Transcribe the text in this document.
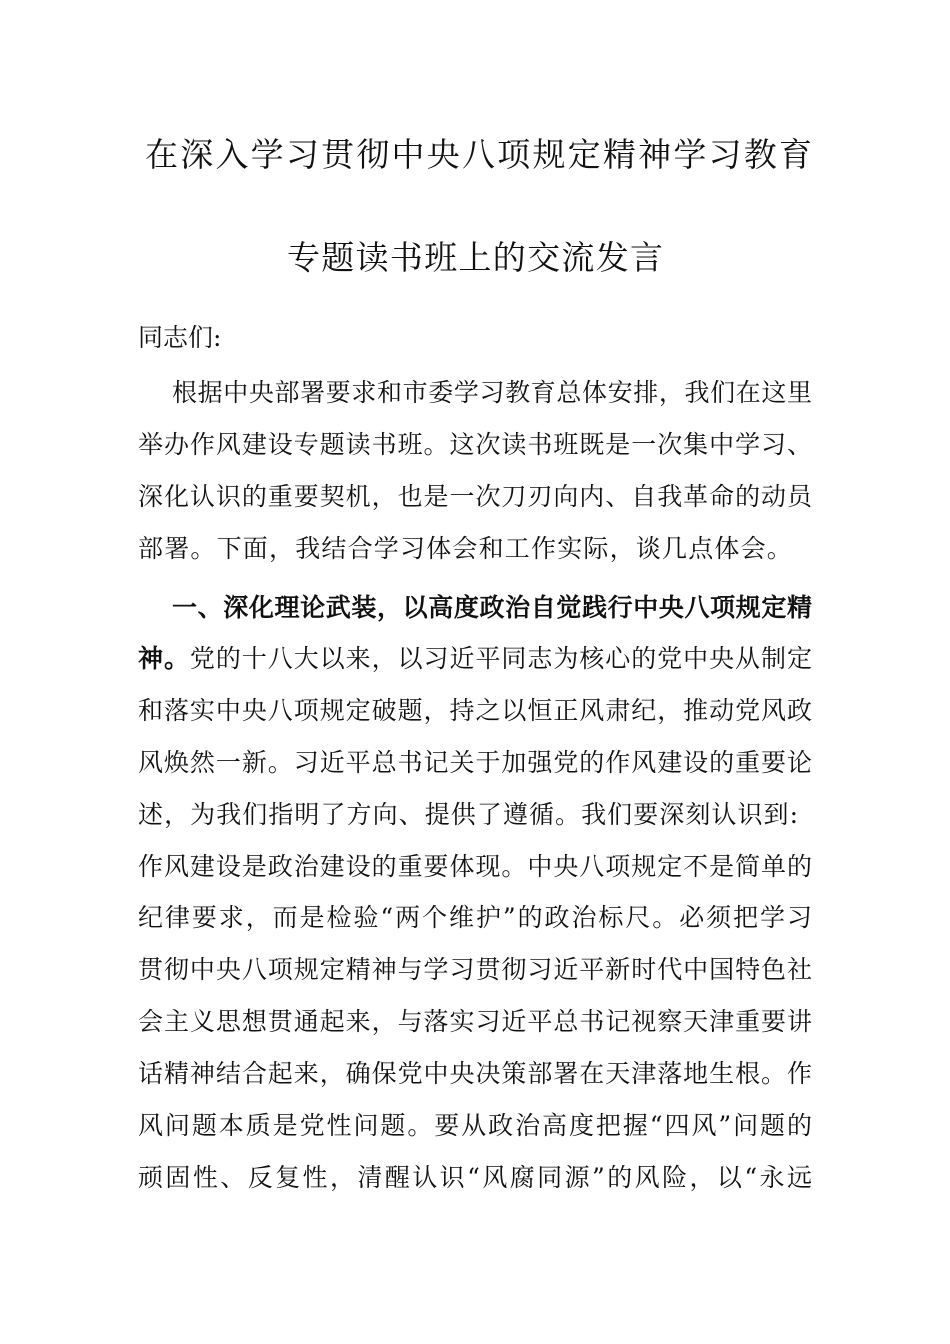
在深入学习贯彻中央八项规定精神学习教育
专题读书班上的交流发言
同志们:
根据中央部署要求和市委学习教育总体安排，我们在这里
举办作风建设专题读书班。这次读书班既是一次集中学习、
深化认识的重要契机，也是一次刀刃向内、自我革命的动员
部署。下面，我结合学习体会和工作实际，谈几点体会。
一、深化理论武装，以高度政治自觉践行中央八项规定精
神。党的十八大以来，以习近平同志为核心的党中央从制定
和落实中央八项规定破题，持之以恒正风肃纪，推动党风政
风焕然一新。习近平总书记关于加强党的作风建设的重要论
述，为我们指明了方向、提供了遵循。我们要深刻认识到:
作风建设是政治建设的重要体现。中央八项规定不是简单的
纪律要求，而是检验“两个维护”的政治标尺。必须把学习
贯彻中央八项规定精神与学习贯彻习近平新时代中国特色社
会主义思想贯通起来，与落实习近平总书记视察天津重要讲
话精神结合起来，确保党中央决策部署在天津落地生根。作
风问题本质是党性问题。要从政治高度把握“四风”问题的
顽固性、反复性，清醒认识“风腐同源”的风险，以“永远
